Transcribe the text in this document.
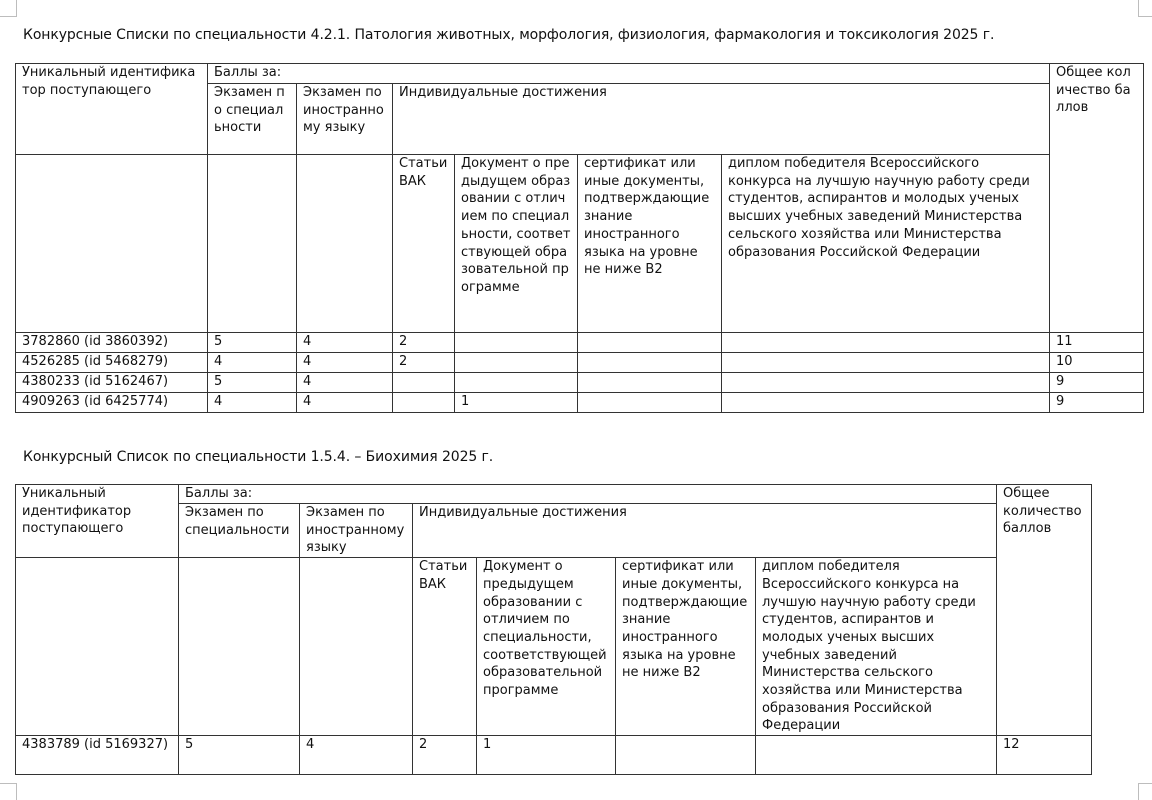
Конкурсные Списки по специальности 4.2.1. Патология животных, морфология, физиология, фармакология и токсикология 2025 г.
Уникальный идентификатор поступающего	Баллы за:						Общее количество баллов
	Экзамен по специальности	Экзамен по иностранному языку	Индивидуальные достижения				
			Статьи ВАК	Документ о предыдущем образовании с отличием по специальности, соответствующей образовательной программе	сертификат или иные документы, подтверждающие знание иностранного языка на уровне не ниже В2	диплом победителя Всероссийского конкурса на лучшую научную работу среди студентов, аспирантов и молодых ученых высших учебных заведений Министерства сельского хозяйства или Министерства образования Российской Федерации	
3782860 (id 3860392)	5	4	2				11
4526285 (id 5468279)	4	4	2				10
4380233 (id 5162467)	5	4					9
4909263 (id 6425774)	4	4		1			9
Конкурсный Список по специальности 1.5.4. – Биохимия 2025 г.
Уникальный идентификатор поступающего	Баллы за:						Общее количество баллов
	Экзамен по специальности	Экзамен по иностранному языку	Индивидуальные достижения				
			Статьи ВАК	Документ о предыдущем образовании с отличием по специальности, соответствующей образовательной программе	сертификат или иные документы, подтверждающие знание иностранного языка на уровне не ниже В2	диплом победителя Всероссийского конкурса на лучшую научную работу среди студентов, аспирантов и молодых ученых высших учебных заведений Министерства сельского хозяйства или Министерства образования Российской Федерации	
4383789 (id 5169327)	5	4	2	1			12
